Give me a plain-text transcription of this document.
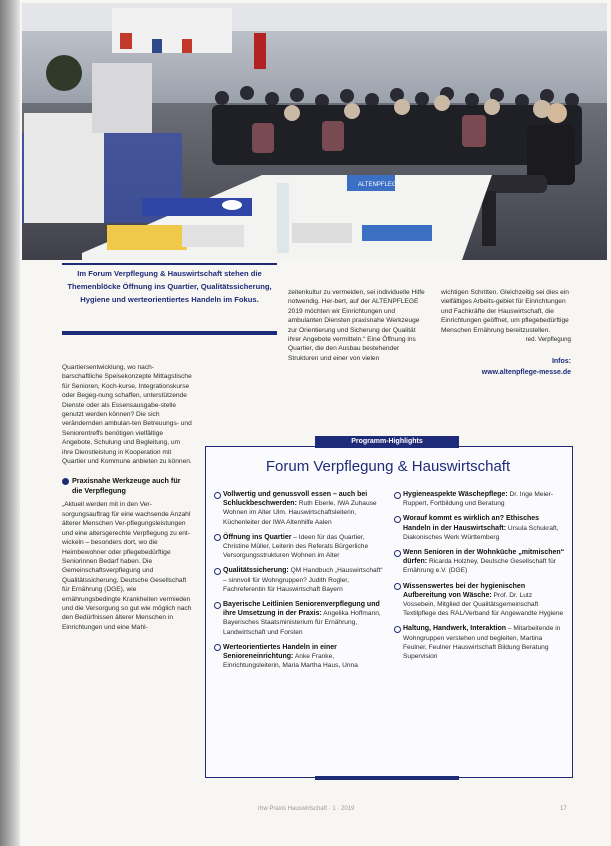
ALTENPFLEGE
Im Forum Verpflegung & Hauswirtschaft stehen die Themenblöcke Öffnung ins Quartier, Qualitätssicherung, Hygiene und werteorientiertes Handeln im Fokus.

Quartiersentwicklung, wo nach-barschaftliche Speisekonzepte Mittagstische für Senioren, Koch-kurse, Integrationskurse oder Begeg-nung schaffen, unterstützende Dienste oder als Essensausgabe-stelle genutzt werden können? Die sich verändernden ambulan-ten Betreuungs- und Seniorentreffs benötigen vielfältige Angebote, Schulung und Begleitung, um ihre Dienstleistung in Kooperation mit Quartier und Kommune anbieten zu können.

Praxisnahe Werkzeuge auch für die Verpflegung

„Aktuell werden mit in den Ver-sorgungsauftrag für eine wachsende Anzahl älterer Menschen Ver-pflegungsleistungen und eine altersgerechte Verpflegung zu ent-wickeln – besonders dort, wo die Heimbewohner oder pflegebedürftige Seniorinnen Bedarf haben. Die Gemeinschaftsverpflegung und Qualitätssicherung, Deutsche Gesellschaft für Ernährung (DGE), wie ernährungsbedingte Krankheiten vermieden und die Versorgung so gut wie möglich nach den Bedürfnissen älterer Menschen in Einrichtungen und eine Mahl-

zeitenkultur zu vermeiden, sei individuelle Hilfe notwendig. Her-bert, auf der ALTENPFLEGE 2019 möchten wir Einrichtungen und ambulanten Diensten praxisnahe Werkzeuge zur Orientierung und Sicherung der Qualität ihrer Angebote vermitteln.“ Eine Öffnung ins Quartier, die den Ausbau bestehender Strukturen und einer von vielen

wichtigen Schritten. Gleichzeitig sei dies ein vielfältiges Arbeits-gebiet für Einrichtungen und Fachkräfte der Hauswirtschaft, die Einrichtungen geöffnet, um pflegebedürftige Menschen Ernährung bereitzustellen.

red. Verpflegung
Infos:
www.altenpflege-messe.de
Programm-Highlights
Forum Verpflegung & Hauswirtschaft
Vollwertig und genussvoll essen – auch bei Schluckbeschwerden: Ruth Eberle, IWA Zuhause Wohnen im Alter Ulm. Hauswirtschaftsleiterin, Küchenleiter der IWA Altenhilfe Aalen
Öffnung ins Quartier – Ideen für das Quartier, Christine Müller, Leiterin des Referats Bürgerliche Versorgungsstrukturen Wohnen im Alter
Qualitätssicherung: QM Handbuch „Hauswirtschaft“ – sinnvoll für Wohngruppen? Judith Rogler, Fachreferentin für Hauswirtschaft Bayern
Bayerische Leitlinien Seniorenverpflegung und ihre Umsetzung in der Praxis: Angelika Hoffmann, Bayerisches Staatsministerium für Ernährung, Landwirtschaft und Forsten
Werteorientiertes Handeln in einer Senioreneinrichtung: Anke Franke, Einrichtungsleiterin, Maria Martha Haus, Unna
Hygieneaspekte Wäschepflege: Dr. Inge Meier-Ruppert, Fortbildung und Beratung
Worauf kommt es wirklich an? Ethisches Handeln in der Hauswirtschaft: Ursula Schukraft, Diakonisches Werk Württemberg
Wenn Senioren in der Wohnküche „mitmischen“ dürfen: Ricarda Holzhey, Deutsche Gesellschaft für Ernährung e.V. (DGE)
Wissenswertes bei der hygienischen Aufbereitung von Wäsche: Prof. Dr. Lutz Vossebein, Mitglied der Qualitätsgemeinschaft Textilpflege des RAL/Verband für Angewandte Hygiene
Haltung, Handwerk, Interaktion – Mitarbeitende in Wohngruppen verstehen und begleiten, Martina Feulner, Feulner Hauswirtschaft Bildung Beratung Supervision
rhw Praxis Hauswirtschaft · 1 · 2019	17
